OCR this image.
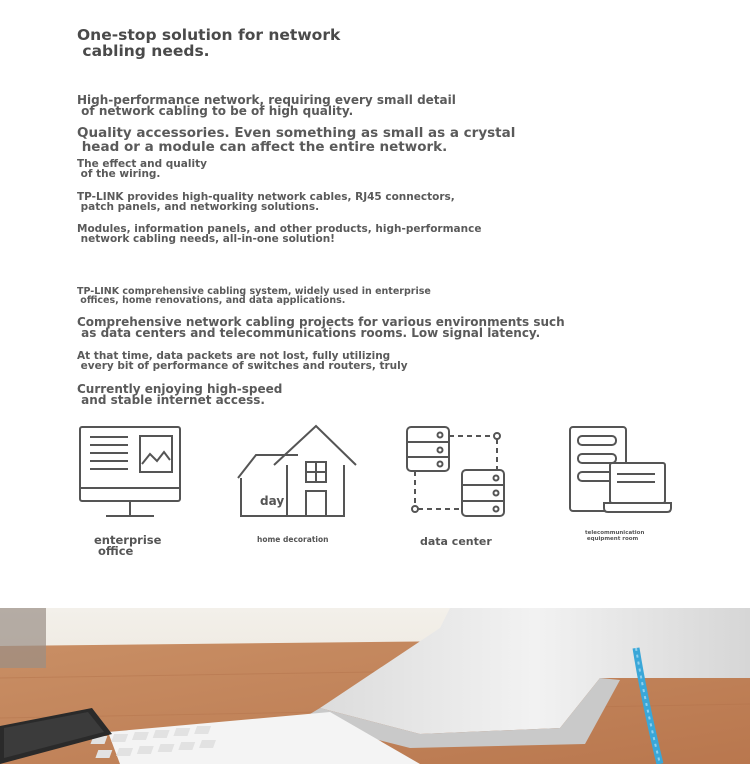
One-stop solution for network
cabling needs.
High-performance network, requiring every small detail
of network cabling to be of high quality.
Quality accessories. Even something as small as a crystal
head or a module can affect the entire network.
The effect and quality
of the wiring.
TP-LINK provides high-quality network cables, RJ45 connectors,
patch panels, and networking solutions.
Modules, information panels, and other products, high-performance
network cabling needs, all-in-one solution!
TP-LINK comprehensive cabling system, widely used in enterprise
offices, home renovations, and data applications.
Comprehensive network cabling projects for various environments such
as data centers and telecommunications rooms. Low signal latency.
At that time, data packets are not lost, fully utilizing
every bit of performance of switches and routers, truly
Currently enjoying high-speed
and stable internet access.
enterprise
office
day
home decoration	data center
telecommunication
equipment room
